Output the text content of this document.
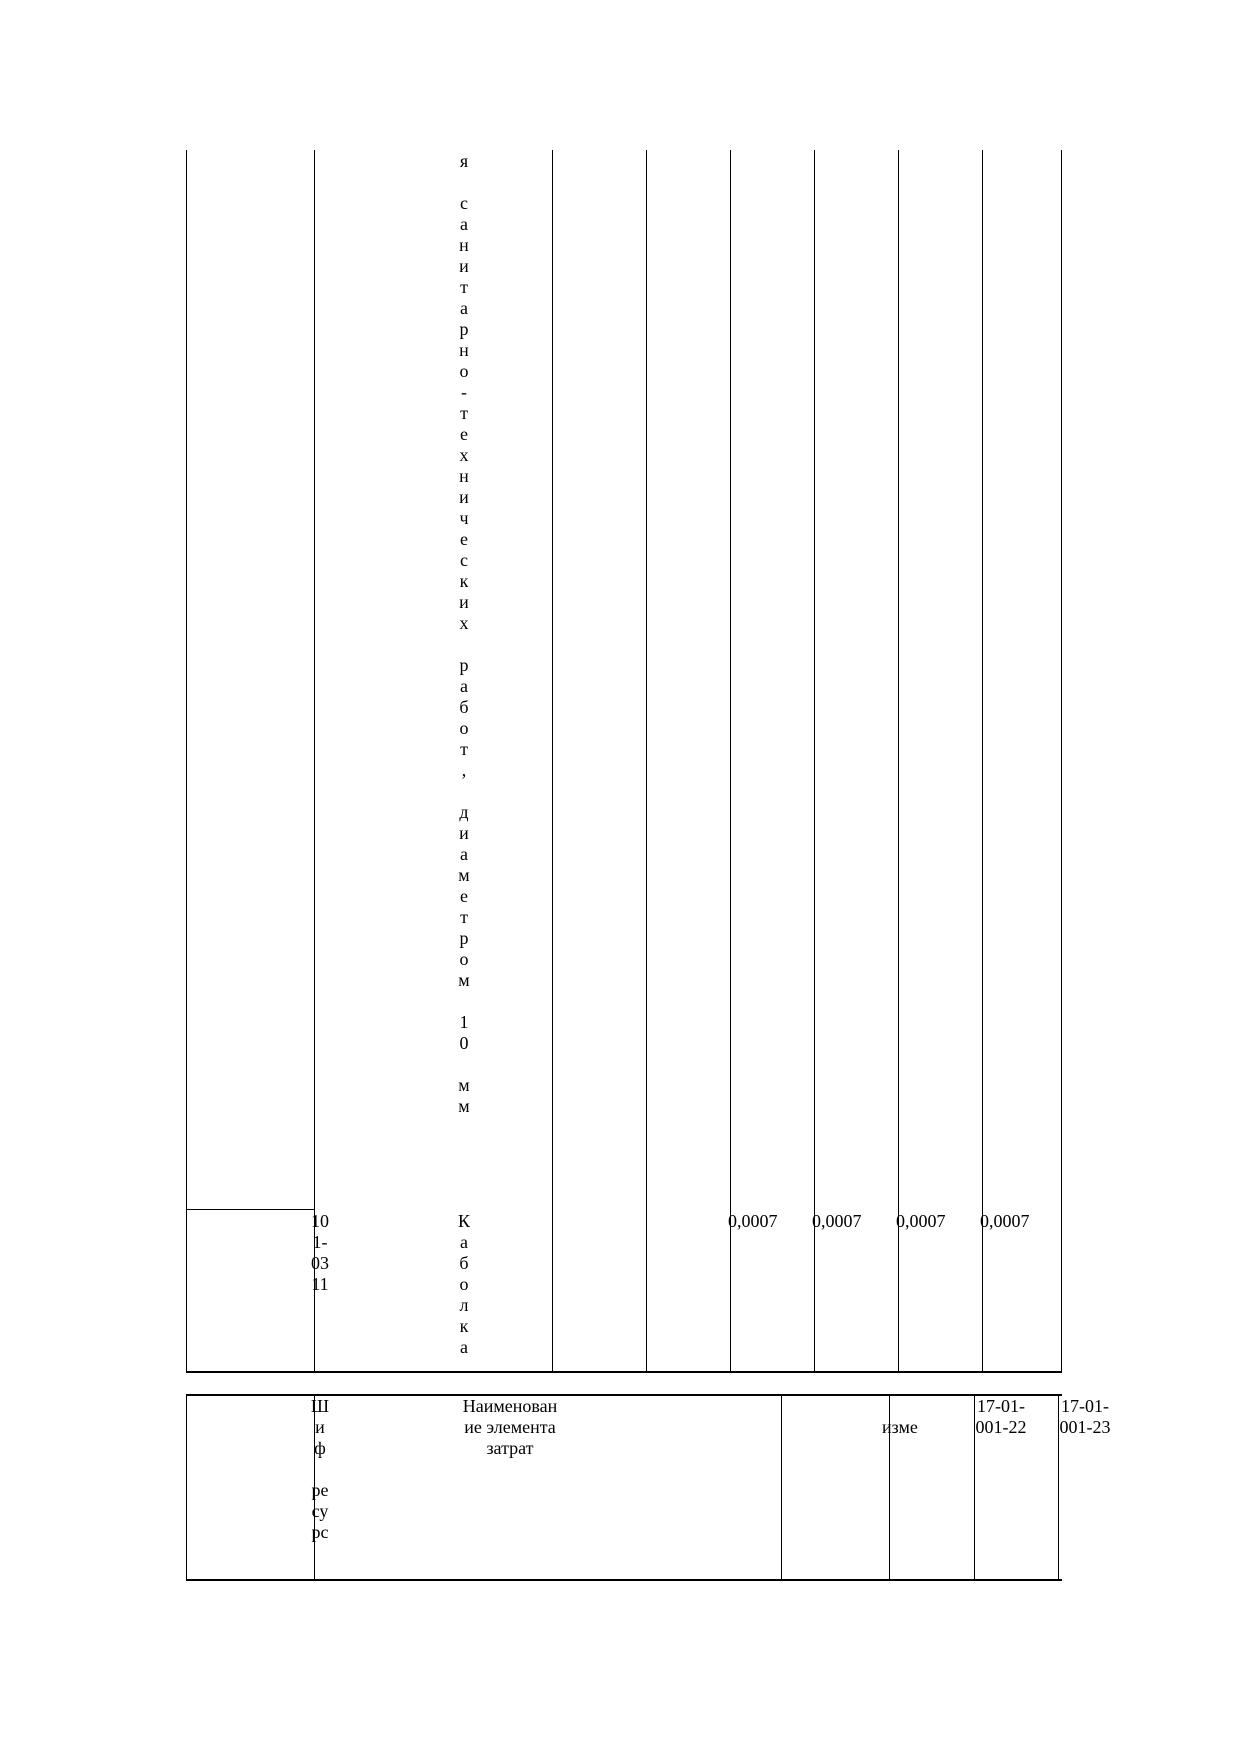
я

с
а
н
и
т
а
р
н
о
-
т
е
х
н
и
ч
е
с
к
и
х

р
а
б
о
т
,

д
и
а
м
е
т
р
о
м

1
0

м
м
10
1-
03
11
К
а
б
о
л
к
а
0,0007 0,0007 0,0007 0,0007
Ш
и
ф

ре
су
рс
Наименован
ие элемента
затрат
изме
17-01-
001-22
17-01-
001-23
